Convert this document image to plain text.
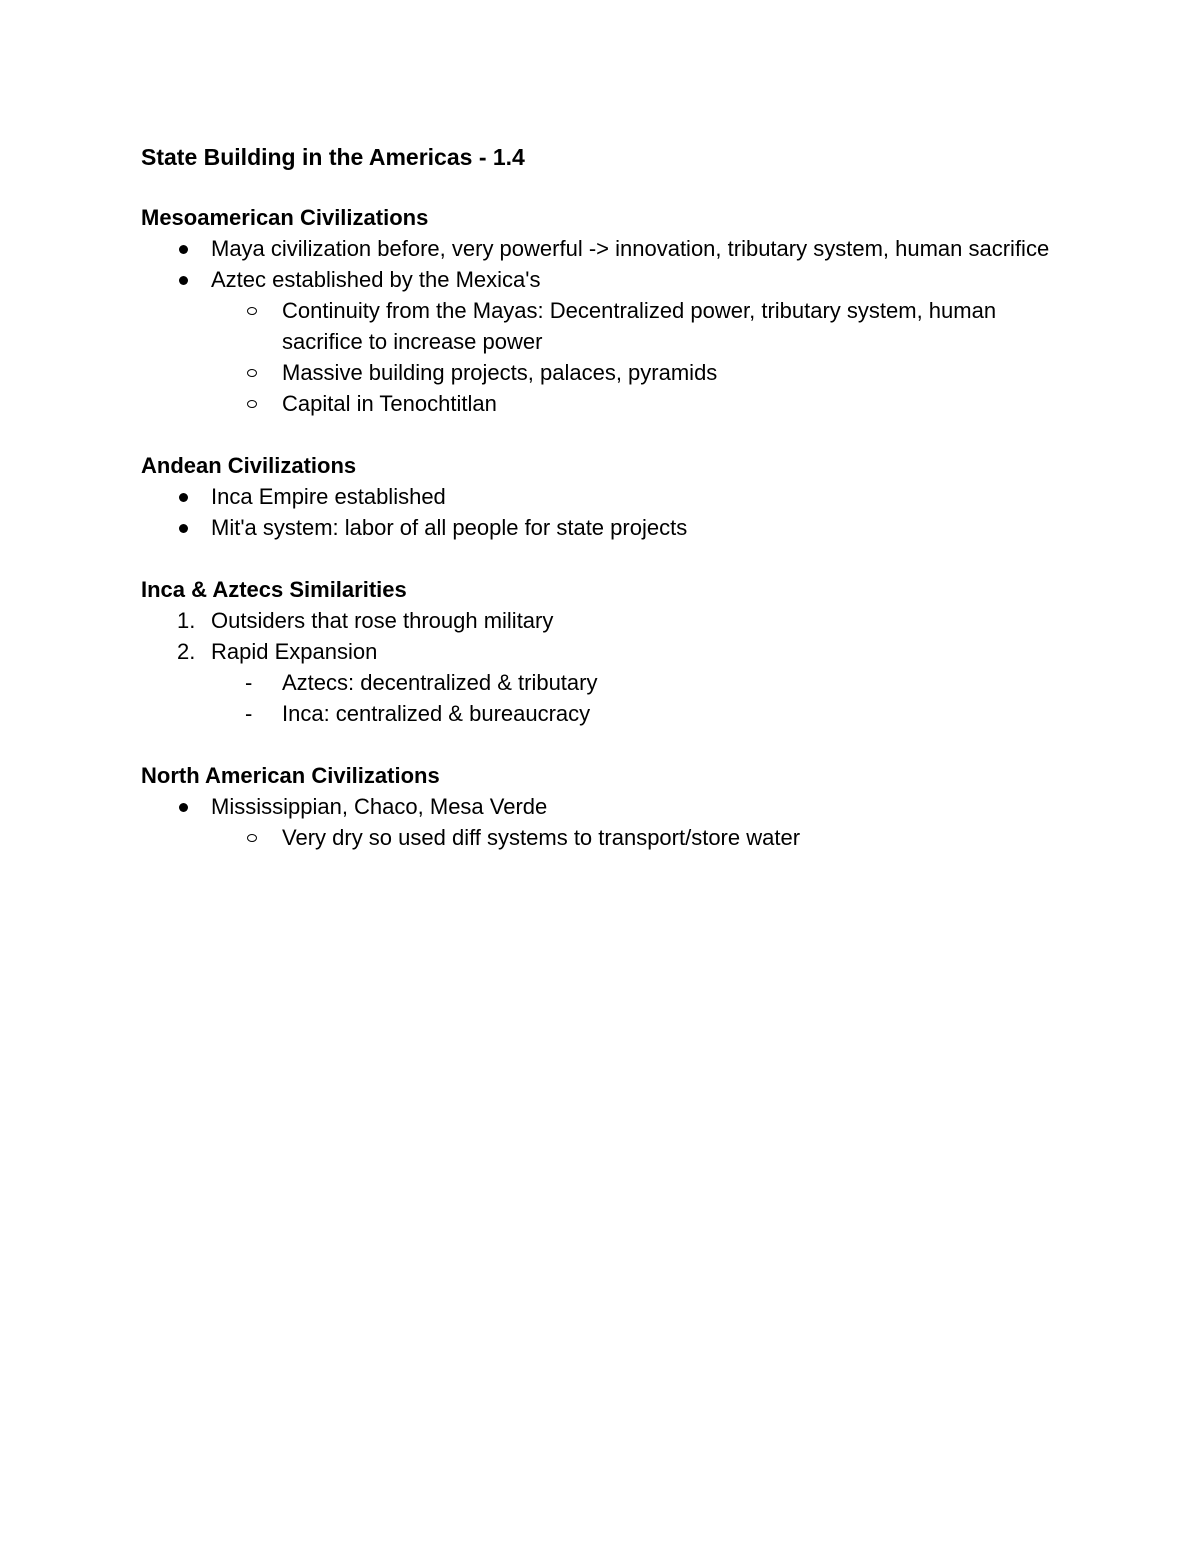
State Building in the Americas - 1.4
Mesoamerican Civilizations
Maya civilization before, very powerful -> innovation, tributary system, human sacrifice
Aztec established by the Mexica's
Continuity from the Mayas: Decentralized power, tributary system, human sacrifice to increase power
Massive building projects, palaces, pyramids
Capital in Tenochtitlan
Andean Civilizations
Inca Empire established
Mit'a system: labor of all people for state projects
Inca & Aztecs Similarities
1. Outsiders that rose through military
2. Rapid Expansion
- Aztecs: decentralized & tributary
- Inca: centralized & bureaucracy
North American Civilizations
Mississippian, Chaco, Mesa Verde
Very dry so used diff systems to transport/store water
